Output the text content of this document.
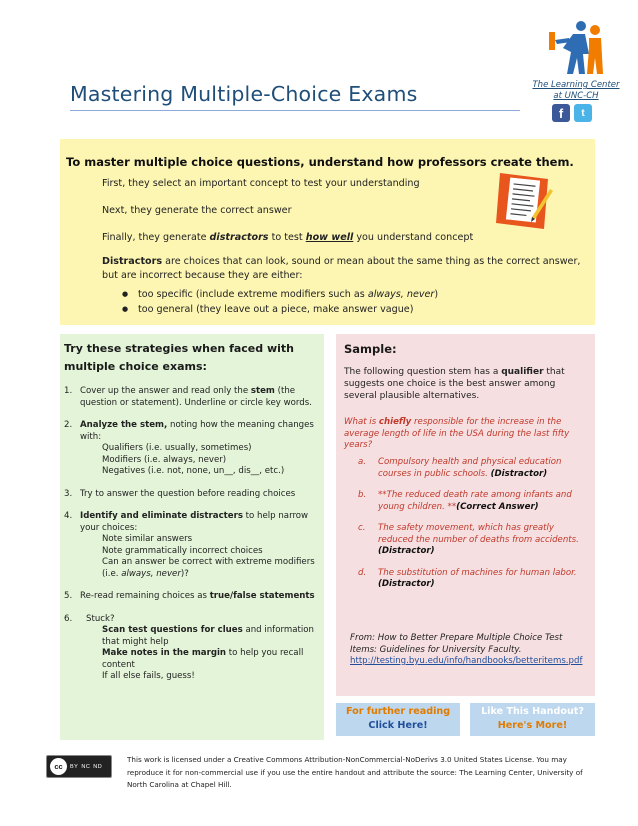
Mastering Multiple-Choice Exams	The Learning Center
at UNC-CH
f	t
To master multiple choice questions, understand how professors create them.
First, they select an important concept to test your understanding
Next, they generate the correct answer
Finally, they generate distractors to test how well you understand concept
Distractors are choices that can look, sound or mean about the same thing as the correct answer, but are incorrect because they are either:
● too specific (include extreme modifiers such as always, never)
● too general (they leave out a piece, make answer vague)
Try these strategies when faced with multiple choice exams:
1. Cover up the answer and read only the stem (the question or statement). Underline or circle key words.
2. Analyze the stem, noting how the meaning changes with:
Qualifiers (i.e. usually, sometimes)
Modifiers (i.e. always, never)
Negatives (i.e. not, none, un__, dis__, etc.)
3. Try to answer the question before reading choices
4. Identify and eliminate distracters to help narrow your choices:
Note similar answers
Note grammatically incorrect choices
Can an answer be correct with extreme modifiers (i.e. always, never)?
5. Re-read remaining choices as true/false statements
6. Stuck?
Scan test questions for clues and information that might help
Make notes in the margin to help you recall content
If all else fails, guess!
Sample:
The following question stem has a qualifier that suggests one choice is the best answer among several plausible alternatives.
What is chiefly responsible for the increase in the average length of life in the USA during the last fifty years?
a. Compulsory health and physical education courses in public schools. (Distractor)
b. **The reduced death rate among infants and young children. **(Correct Answer)
c. The safety movement, which has greatly reduced the number of deaths from accidents.
(Distractor)
d. The substitution of machines for human labor.
(Distractor)
From: How to Better Prepare Multiple Choice Test Items: Guidelines for University Faculty.
http://testing.byu.edu/info/handbooks/betteritems.pdf
For further reading
Click Here!
Like This Handout?
Here's More!
cc	BY NC ND
This work is licensed under a Creative Commons Attribution-NonCommercial-NoDerivs 3.0 United States License. You may reproduce it for non-commercial use if you use the entire handout and attribute the source: The Learning Center, University of North Carolina at Chapel Hill.
